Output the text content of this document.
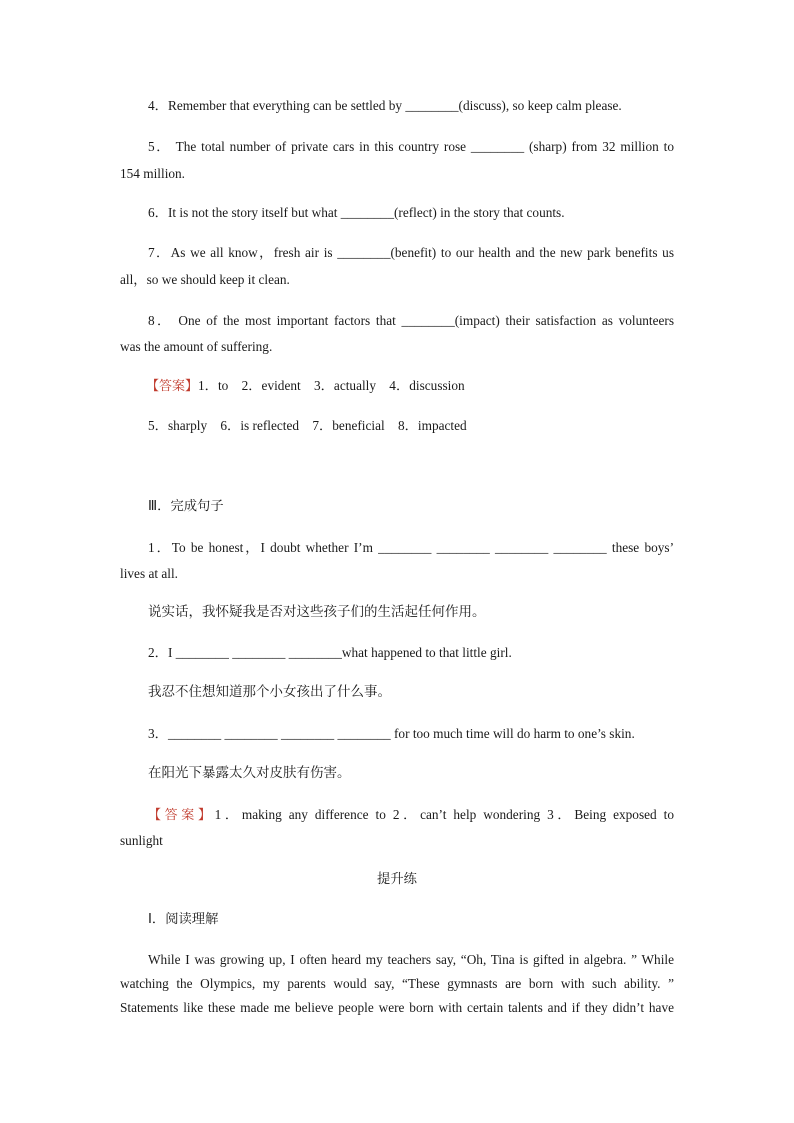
4．Remember that everything can be settled by ________(discuss), so keep calm please.
5． The total number of private cars in this country rose ________ (sharp) from 32 million to
154 million.
6．It is not the story itself but what ________(reflect) in the story that counts.
7．As we all know，fresh air is ________(benefit) to our health and the new park benefits us
all，so we should keep it clean.
8． One of the most important factors that ________(impact) their satisfaction as volunteers
was the amount of suffering.
【答案】1．to    2．evident    3．actually    4．discussion
5．sharply    6．is reflected    7．beneficial    8．impacted
Ⅲ．完成句子
1．To be honest，I doubt whether I’m ________ ________ ________ ________ these boys’
lives at all.
说实话，我怀疑我是否对这些孩子们的生活起任何作用。
2．I ________ ________ ________what happened to that little girl.
我忍不住想知道那个小女孩出了什么事。
3．________ ________ ________ ________ for too much time will do harm to one’s skin.
在阳光下暴露太久对皮肤有伤害。
【答案】1．making any difference to 2．can’t help wondering 3．Being exposed to
sunlight
提升练
Ⅰ．阅读理解
While I was growing up, I often heard my teachers say, “Oh, Tina is gifted in algebra. ” While
watching the Olympics, my parents would say, “These gymnasts are born with such ability. ”
Statements like these made me believe people were born with certain talents and if they didn’t have
